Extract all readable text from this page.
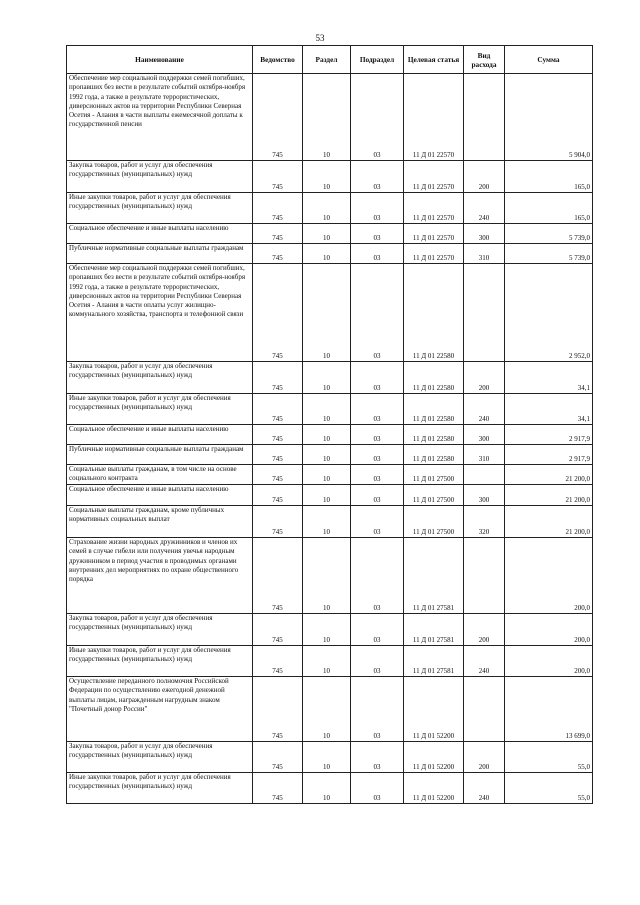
53
Наименование	Ведомство	Раздел	Подраздел	Целевая статья	Вид расхода	Сумма
Обеспечение мер социальной поддержки семей погибших, пропавших без вести в результате событий октября-ноября 1992 года, а также в результате террористических, диверсионных актов на территории Республики Северная Осетия - Алания в части выплаты ежемесячной доплаты к государственной пенсии	745	10	03	11 Д 01 22570		5 904,0
Закупка товаров, работ и услуг для обеспечения государственных (муниципальных) нужд	745	10	03	11 Д 01 22570	200	165,0
Иные закупки товаров, работ и услуг для обеспечения государственных (муниципальных) нужд	745	10	03	11 Д 01 22570	240	165,0
Социальное обеспечение и иные выплаты населению	745	10	03	11 Д 01 22570	300	5 739,0
Публичные нормативные социальные выплаты гражданам	745	10	03	11 Д 01 22570	310	5 739,0
Обеспечение мер социальной поддержки семей погибших, пропавших без вести в результате событий октября-ноября 1992 года, а также в результате террористических, диверсионных актов на территории Республики Северная Осетия - Алания в части оплаты услуг жилищно-коммунального хозяйства, транспорта и телефонной связи	745	10	03	11 Д 01 22580		2 952,0
Закупка товаров, работ и услуг для обеспечения государственных (муниципальных) нужд	745	10	03	11 Д 01 22580	200	34,1
Иные закупки товаров, работ и услуг для обеспечения государственных (муниципальных) нужд	745	10	03	11 Д 01 22580	240	34,1
Социальное обеспечение и иные выплаты населению	745	10	03	11 Д 01 22580	300	2 917,9
Публичные нормативные социальные выплаты гражданам	745	10	03	11 Д 01 22580	310	2 917,9
Социальные выплаты гражданам, в том числе на основе социального контракта	745	10	03	11 Д 01 27500		21 200,0
Социальное обеспечение и иные выплаты населению	745	10	03	11 Д 01 27500	300	21 200,0
Социальные выплаты гражданам, кроме публичных нормативных социальных выплат	745	10	03	11 Д 01 27500	320	21 200,0
Страхование жизни народных дружинников и членов их семей в случае гибели или получения увечья народным дружинником в период участия в проводимых органами внутренних дел мероприятиях по охране общественного порядка	745	10	03	11 Д 01 27581		200,0
Закупка товаров, работ и услуг для обеспечения государственных (муниципальных) нужд	745	10	03	11 Д 01 27581	200	200,0
Иные закупки товаров, работ и услуг для обеспечения государственных (муниципальных) нужд	745	10	03	11 Д 01 27581	240	200,0
Осуществление переданного полномочия Российской Федерации по осуществлению ежегодной денежной выплаты лицам, награжденным нагрудным знаком "Почетный донор России"	745	10	03	11 Д 01 52200		13 699,0
Закупка товаров, работ и услуг для обеспечения государственных (муниципальных) нужд	745	10	03	11 Д 01 52200	200	55,0
Иные закупки товаров, работ и услуг для обеспечения государственных (муниципальных) нужд	745	10	03	11 Д 01 52200	240	55,0
